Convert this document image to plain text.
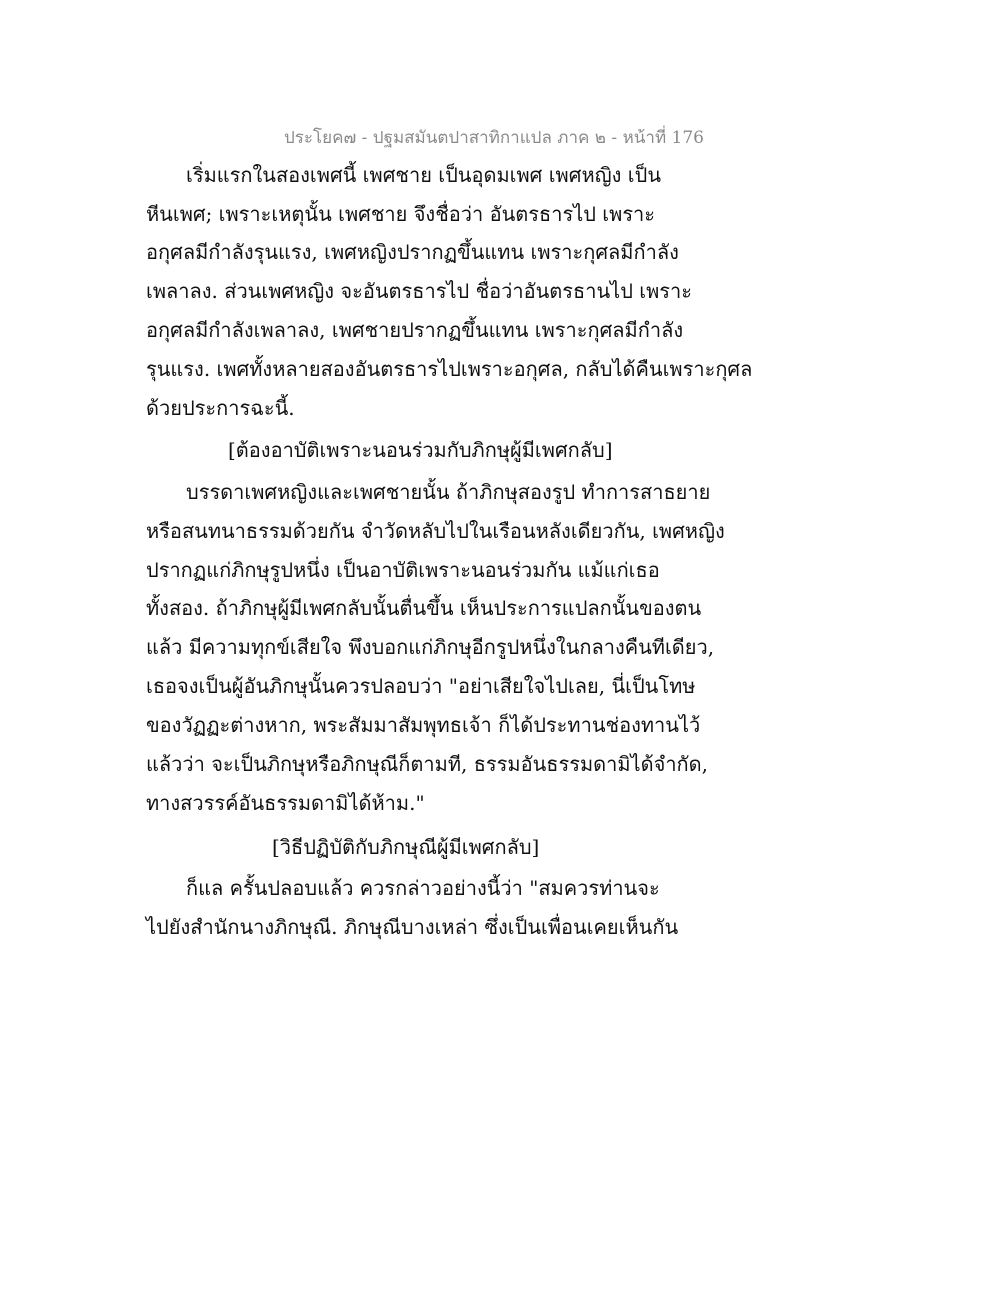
ประโยค๗ - ปฐมสมันตปาสาทิกาแปล ภาค ๒ - หน้าที่ 176
เริ่มแรกในสองเพศนี้ เพศชาย เป็นอุดมเพศ เพศหญิง เป็น
หีนเพศ; เพราะเหตุนั้น เพศชาย จึงชื่อว่า อันตรธารไป เพราะ
อกุศลมีกำลังรุนแรง, เพศหญิงปรากฏขึ้นแทน เพราะกุศลมีกำลัง
เพลาลง. ส่วนเพศหญิง จะอันตรธารไป ชื่อว่าอันตรธานไป เพราะ
อกุศลมีกำลังเพลาลง, เพศชายปรากฏขึ้นแทน เพราะกุศลมีกำลัง
รุนแรง. เพศทั้งหลายสองอันตรธารไปเพราะอกุศล, กลับได้คืนเพราะกุศล
ด้วยประการฉะนี้.
[ต้องอาบัติเพราะนอนร่วมกับภิกษุผู้มีเพศกลับ]
บรรดาเพศหญิงและเพศชายนั้น ถ้าภิกษุสองรูป ทำการสาธยาย
หรือสนทนาธรรมด้วยกัน จำวัดหลับไปในเรือนหลังเดียวกัน, เพศหญิง
ปรากฏแก่ภิกษุรูปหนึ่ง เป็นอาบัติเพราะนอนร่วมกัน แม้แก่เธอ
ทั้งสอง. ถ้าภิกษุผู้มีเพศกลับนั้นตื่นขึ้น เห็นประการแปลกนั้นของตน
แล้ว มีความทุกข์เสียใจ พึงบอกแก่ภิกษุอีกรูปหนึ่งในกลางคืนทีเดียว,
เธอจงเป็นผู้อันภิกษุนั้นควรปลอบว่า "อย่าเสียใจไปเลย, นี่เป็นโทษ
ของวัฏฏะต่างหาก, พระสัมมาสัมพุทธเจ้า ก็ได้ประทานช่องทานไว้
แล้วว่า จะเป็นภิกษุหรือภิกษุณีก็ตามที, ธรรมอันธรรมดามิได้จำกัด,
ทางสวรรค์อันธรรมดามิได้ห้าม."
[วิธีปฏิบัติกับภิกษุณีผู้มีเพศกลับ]
ก็แล ครั้นปลอบแล้ว ควรกล่าวอย่างนี้ว่า "สมควรท่านจะ
ไปยังสำนักนางภิกษุณี. ภิกษุณีบางเหล่า ซึ่งเป็นเพื่อนเคยเห็นกัน
